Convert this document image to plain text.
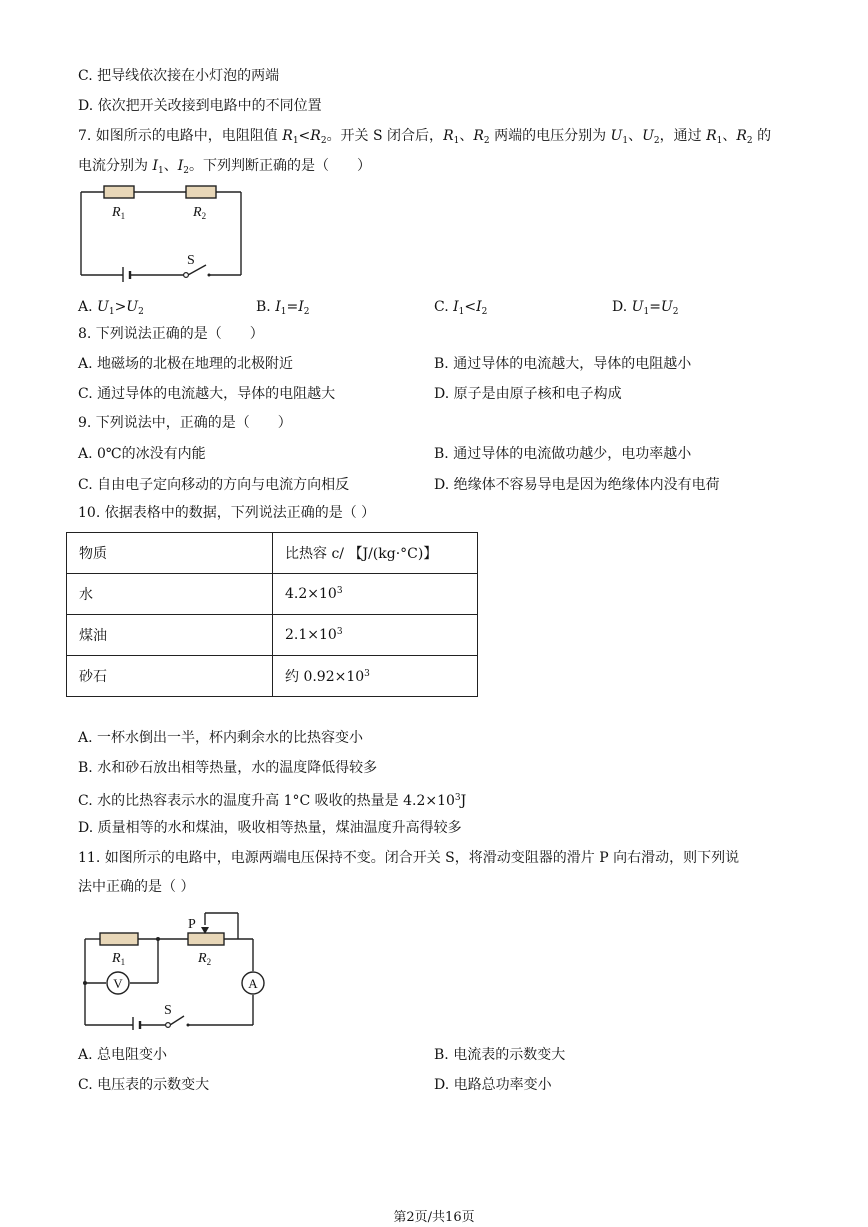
C. 把导线依次接在小灯泡的两端
D. 依次把开关改接到电路中的不同位置
7. 如图所示的电路中，电阻阻值 $R_1<R_2$。开关 S 闭合后，$R_1$、$R_2$ 两端的电压分别为 $U_1$、$U_2$，通过 $R_1$、$R_2$ 的
电流分别为 $I_1$、$I_2$。下列判断正确的是（　　）
$R_1$	$R_2$
S
A. $U_1>U_2$	B. $I_1=I_2$	C. $I_1<I_2$	D. $U_1=U_2$
8. 下列说法正确的是（　　）
A. 地磁场的北极在地理的北极附近	B. 通过导体的电流越大，导体的电阻越小
C. 通过导体的电流越大，导体的电阻越大	D. 原子是由原子核和电子构成
9. 下列说法中，正确的是（　　）
A. 0℃的冰没有内能	B. 通过导体的电流做功越少，电功率越小
C. 自由电子定向移动的方向与电流方向相反	D. 绝缘体不容易导电是因为绝缘体内没有电荷
10. 依据表格中的数据，下列说法正确的是（ ）
物质	比热容 c/ 【J/(kg·°C)】
水	$4.2\times 10^3$
煤油	$2.1\times 10^3$
砂石	约 $0.92\times 10^3$
A. 一杯水倒出一半，杯内剩余水的比热容变小
B. 水和砂石放出相等热量，水的温度降低得较多
C. 水的比热容表示水的温度升高 1°C 吸收的热量是 $4.2\times 10^3J$
D. 质量相等的水和煤油，吸收相等热量，煤油温度升高得较多
11. 如图所示的电路中，电源两端电压保持不变。闭合开关 S，将滑动变阻器的滑片 P 向右滑动，则下列说
法中正确的是（ ）
V	A
P
$R_1$	$R_2$
S
A. 总电阻变小	B. 电流表的示数变大
C. 电压表的示数变大	D. 电路总功率变小
第2页/共16页
